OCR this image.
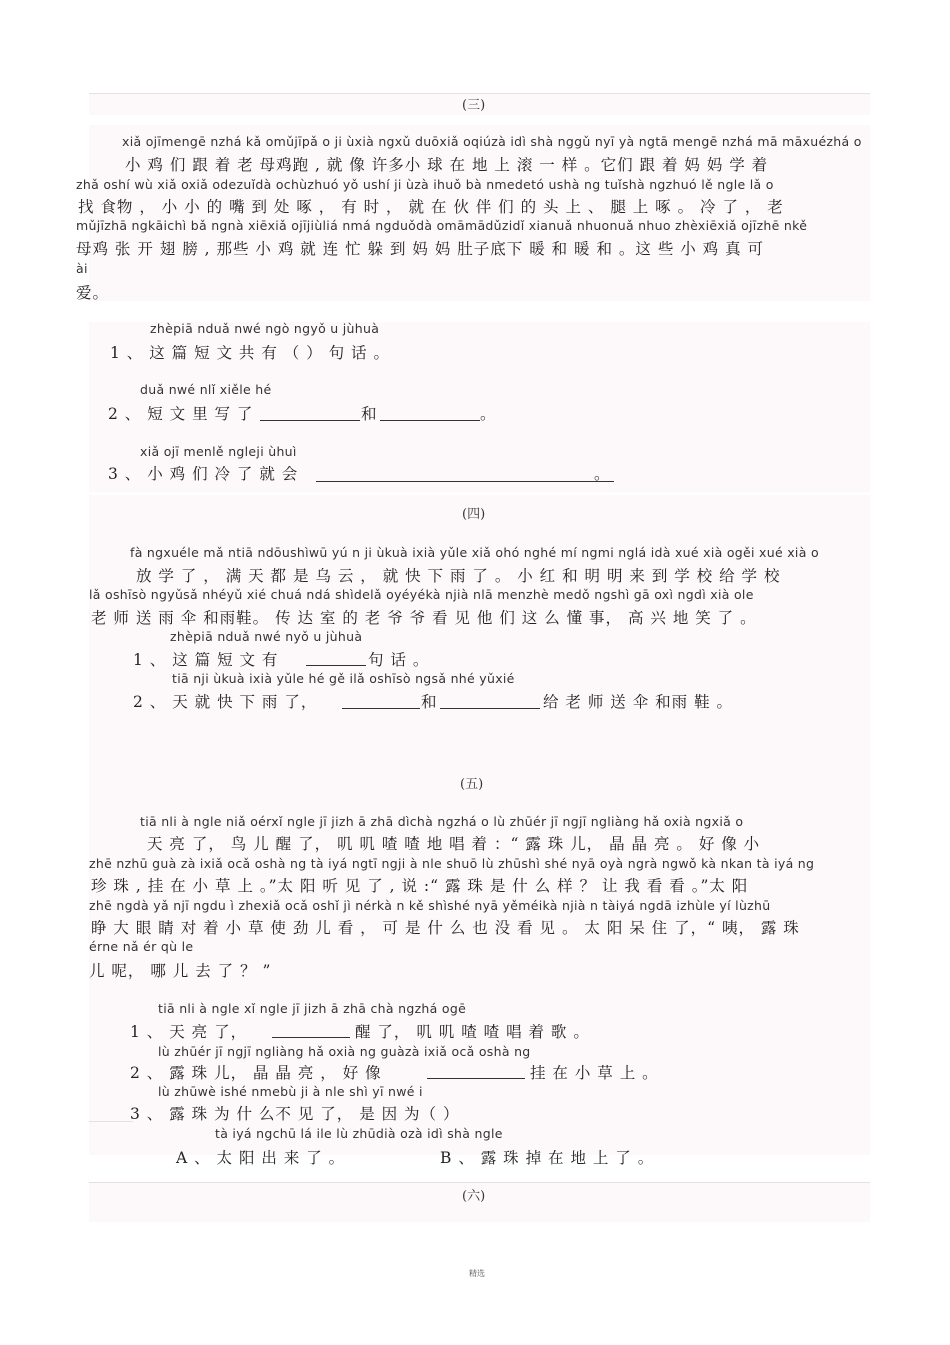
(三)
xiǎ ojīmengē nzhá kǎ omǔjīpǎ o ji ùxià ngxǔ duōxiǎ oqiúzà idì shà nggǔ nyī yà ngtā mengē nzhá mā māxuézhá o
小 鸡 们 跟 着 老 母鸡跑 , 就 像 许多小 球 在 地 上 滚 一 样 。它们 跟 着 妈 妈 学 着
zhǎ oshí wù xiǎ oxiǎ odezuǐdà ochùzhuó yǒ ushí ji ùzà ihuǒ bà nmedetó ushà ng tuǐshà ngzhuó lě ngle lǎ o
找 食物 ， 小 小 的 嘴 到 处 啄 ， 有 时 ， 就 在 伙 伴 们 的 头 上 、 腿 上 啄 。 冷 了 ， 老
mǔjīzhā ngkāichì bǎ ngnà xiēxiǎ ojījiùliá nmá ngduǒdà omāmādǔzidǐ xianuǎ nhuonuǎ nhuo zhèxiēxiǎ ojīzhē nkě
母鸡 张 开 翅 膀 , 那些 小 鸡 就 连 忙 躲 到 妈 妈 肚子底下 暖 和 暖 和 。这 些 小 鸡 真 可
ài
爱。
zhèpiā nduǎ nwé ngò ngyǒ u jùhuà
1 、 这 篇 短 文 共 有 （ ） 句 话 。
duǎ nwé nlǐ xiěle hé
2 、 短 文 里 写 了	和	。
xiǎ ojī menlě ngleji ùhuì
3 、 小 鸡 们 冷 了 就 会	。
(四)
fà ngxuéle mǎ ntiā ndōushìwū yú n ji ùkuà ixià yǔle xiǎ ohó nghé mí ngmi nglá idà xué xià ogěi xué xià o
放 学 了 ， 满 天 都 是 乌 云 ， 就 快 下 雨 了 。 小 红 和 明 明 来 到 学 校 给 学 校
lǎ oshīsò ngyǔsǎ nhéyǔ xié chuá ndá shìdelǎ oyéyékà njià nlā menzhè medǒ ngshì gā oxì ngdì xià ole
老 师 送 雨 伞 和雨鞋。 传 达 室 的 老 爷 爷 看 见 他 们 这 么 懂 事， 高 兴 地 笑 了 。
zhèpiā nduǎ nwé nyǒ u jùhuà
1 、 这 篇 短 文 有	句 话 。
tiā nji ùkuà ixià yǔle hé gě ilǎ oshīsò ngsǎ nhé yǔxié
2 、 天 就 快 下 雨 了，	和	给 老 师 送 伞 和雨 鞋 。
(五)
tiā nli à ngle niǎ oérxǐ ngle jī jizh ā zhā dìchà ngzhá o lù zhūér jī ngjī ngliàng hǎ oxià ngxiǎ o
天 亮 了， 鸟 儿 醒 了， 叽 叽 喳 喳 地 唱 着 ：“ 露 珠 儿， 晶 晶 亮 。 好 像 小
zhē nzhū guà zà ixiǎ ocǎ oshà ng tà iyá ngtī ngji à nle shuō lù zhūshì shé nyā oyà ngrà ngwǒ kà nkan tà iyá ng
珍 珠 , 挂 在 小 草 上 。”太 阳 听 见 了 , 说 :“ 露 珠 是 什 么 样 ？ 让 我 看 看 。”太 阳
zhē ngdà yǎ njī ngdu ì zhexiǎ ocǎ oshǐ jì nérkà n kě shìshé nyā yěméikà njià n tàiyá ngdā izhùle yí lùzhū
睁 大 眼 睛 对 着 小 草 使 劲 儿 看 ， 可 是 什 么 也 没 看 见 。 太 阳 呆 住 了，“ 咦， 露 珠
érne nǎ ér qù le
儿 呢， 哪 儿 去 了 ？ ”
tiā nli à ngle xǐ ngle jī jizh ā zhā chà ngzhá ogē
1 、 天 亮 了，	醒 了， 叽 叽 喳 喳 唱 着 歌 。
lù zhūér jī ngjī ngliàng hǎ oxià ng guàzà ixiǎ ocǎ oshà ng
2 、 露 珠 儿， 晶 晶 亮 ， 好 像	挂 在 小 草 上 。
lù zhūwè ishé nmebù ji à nle shì yī nwé i
3 、 露 珠 为 什 么不 见 了， 是 因 为（ ）
tà iyá ngchū lá ile lù zhūdià ozà idì shà ngle
A 、 太 阳 出 来 了 。	B 、 露 珠 掉 在 地 上 了 。
(六)
精选
